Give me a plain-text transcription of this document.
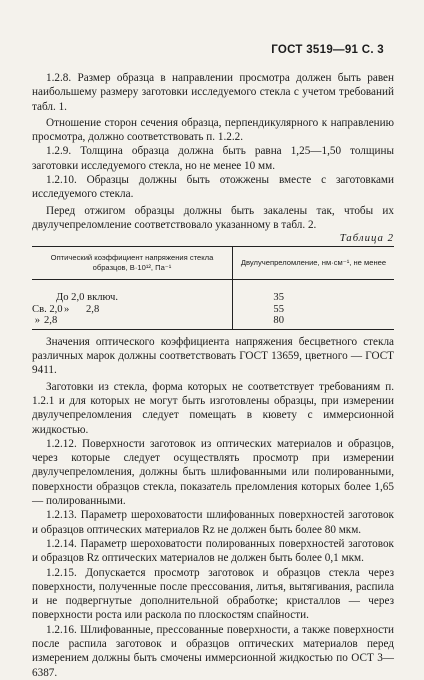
ГОСТ 3519—91 С. 3

1.2.8. Размер образца в направлении просмотра должен быть равен наибольшему размеру заготовки исследуемого стекла с учетом требований табл. 1.

Отношение сторон сечения образца, перпендикулярного к направлению просмотра, должно соответствовать п. 1.2.2.

1.2.9. Толщина образца должна быть равна 1,25—1,50 толщины заготовки исследуемого стекла, но не менее 10 мм.

1.2.10. Образцы должны быть отожжены вместе с заготовками исследуемого стекла.

Перед отжигом образцы должны быть закалены так, чтобы их двулучепреломление соответствовало указанному в табл. 2.

Таблица 2
Оптический коэффициент напряжения стекла образцов, В·10¹², Па⁻¹	Двулучепреломление, нм·см⁻¹, не менее
До 2,0 включ.	35
Св. 2,0» 2,8	55
» 2,8	80

Значения оптического коэффициента напряжения бесцветного стекла различных марок должны соответствовать ГОСТ 13659, цветного — ГОСТ 9411.

Заготовки из стекла, форма которых не соответствует требованиям п. 1.2.1 и для которых не могут быть изготовлены образцы, при измерении двулучепреломления следует помещать в кювету с иммерсионной жидкостью.

1.2.12. Поверхности заготовок из оптических материалов и образцов, через которые следует осуществлять просмотр при измерении двулучепреломления, должны быть шлифованными или полированными, поверхности образцов стекла, показатель преломления которых более 1,65 — полированными.

1.2.13. Параметр шероховатости шлифованных поверхностей заготовок и образцов оптических материалов Rz не должен быть более 80 мкм.

1.2.14. Параметр шероховатости полированных поверхностей заготовок и образцов Rz оптических материалов не должен быть более 0,1 мкм.

1.2.15. Допускается просмотр заготовок и образцов стекла через поверхности, полученные после прессования, литья, вытягивания, распила и не подвергнутые дополнительной обработке; кристаллов — через поверхности роста или раскола по плоскостям спайности.

1.2.16. Шлифованные, прессованные поверхности, а также поверхности после распила заготовок и образцов оптических материалов перед измерением должны быть смочены иммерсионной жидкостью по ОСТ 3—6387.
